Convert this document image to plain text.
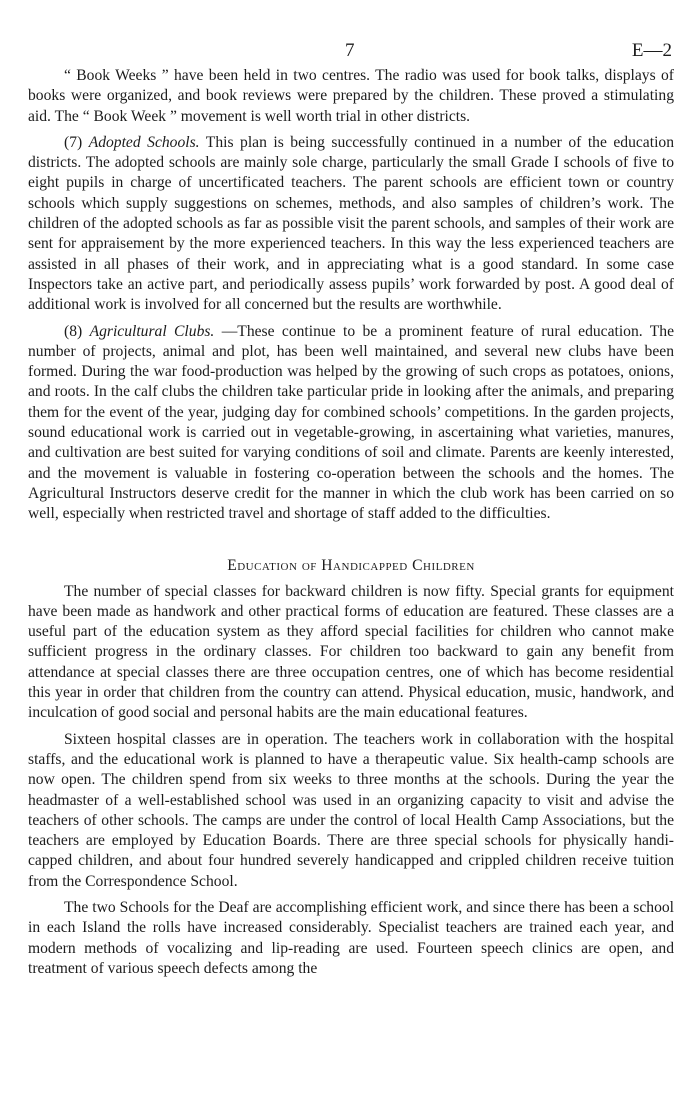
7	E—2

“ Book Weeks ” have been held in two centres. The radio was used for book talks, displays of books were organized, and book reviews were prepared by the children. These proved a stimulating aid. The “ Book Week ” movement is well worth trial in other districts.

(7) Adopted Schools. This plan is being successfully continued in a number of the education districts. The adopted schools are mainly sole charge, particularly the small Grade I schools of five to eight pupils in charge of uncertificated teachers. The parent schools are efficient town or country schools which supply suggestions on schemes, methods, and also samples of children’s work. The children of the adopted schools as far as possible visit the parent schools, and samples of their work are sent for appraisement by the more experienced teachers. In this way the less experienced teachers are assisted in all phases of their work, and in appreciating what is a good standard. In some case Inspectors take an active part, and periodically assess pupils’ work forwarded by post. A good deal of additional work is involved for all concerned but the results are worthwhile.

(8) Agricultural Clubs. —These continue to be a prominent feature of rural education. The number of projects, animal and plot, has been well maintained, and several new clubs have been formed. During the war food-production was helped by the growing of such crops as potatoes, onions, and roots. In the calf clubs the children take particular pride in looking after the animals, and preparing them for the event of the year, judging day for combined schools’ competitions. In the garden projects, sound educational work is carried out in vegetable-growing, in ascertaining what varieties, manures, and cultivation are best suited for varying conditions of soil and climate. Parents are keenly interested, and the movement is valuable in fostering co-operation between the schools and the homes. The Agricultural Instructors deserve credit for the manner in which the club work has been carried on so well, especially when restricted travel and shortage of staff added to the difficulties.

Education of Handicapped Children

The number of special classes for backward children is now fifty. Special grants for equipment have been made as handwork and other practical forms of education are featured. These classes are a useful part of the education system as they afford special facilities for children who cannot make sufficient progress in the ordinary classes. For children too backward to gain any benefit from attendance at special classes there are three occupation centres, one of which has become residential this year in order that children from the country can attend. Physical education, music, handwork, and inculcation of good social and personal habits are the main educational features.

Sixteen hospital classes are in operation. The teachers work in collaboration with the hospital staffs, and the educational work is planned to have a therapeutic value. Six health-camp schools are now open. The children spend from six weeks to three months at the schools. During the year the headmaster of a well-established school was used in an organizing capacity to visit and advise the teachers of other schools. The camps are under the control of local Health Camp Associations, but the teachers are employed by Education Boards. There are three special schools for physically handicapped children, and about four hundred severely handicapped and crippled children receive tuition from the Correspondence School.

The two Schools for the Deaf are accomplishing efficient work, and since there has been a school in each Island the rolls have increased considerably. Specialist teachers are trained each year, and modern methods of vocalizing and lip-reading are used. Fourteen speech clinics are open, and treatment of various speech defects among the
